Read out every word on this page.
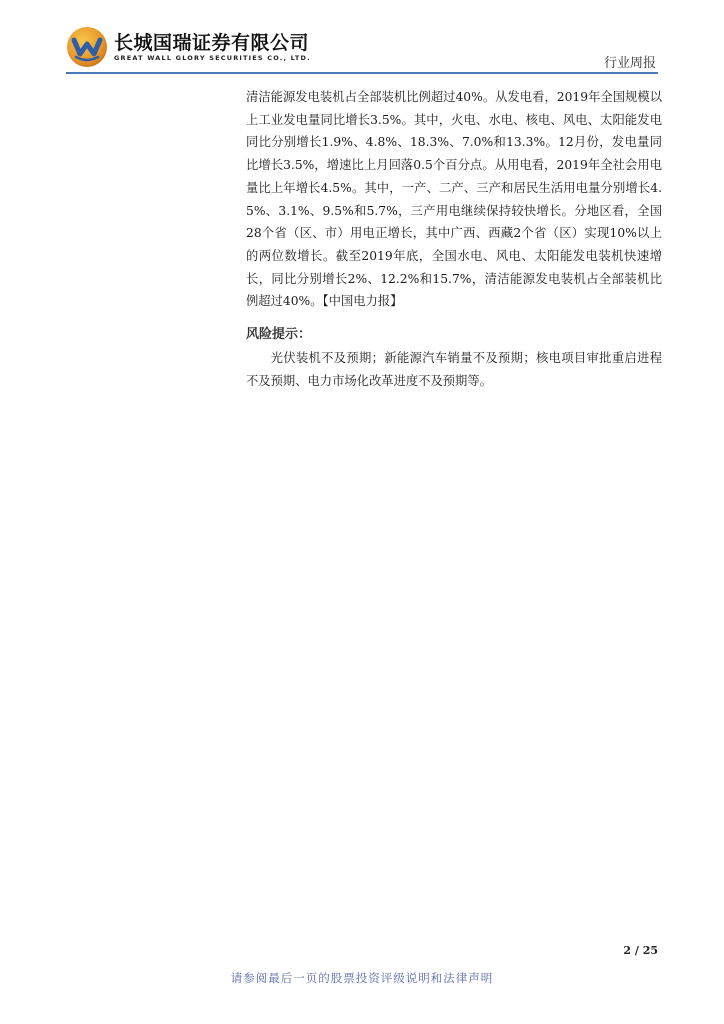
长城国瑞证券有限公司
GREAT WALL GLORY SECURITIES CO., LTD.	行业周报

清洁能源发电装机占全部装机比例超过40%。从发电看，2019年全国规模以上工业发电量同比增长3.5%。其中，火电、水电、核电、风电、太阳能发电同比分别增长1.9%、4.8%、18.3%、7.0%和13.3%。12月份，发电量同比增长3.5%，增速比上月回落0.5个百分点。从用电看，2019年全社会用电量比上年增长4.5%。其中，一产、二产、三产和居民生活用电量分别增长4.5%、3.1%、9.5%和5.7%，三产用电继续保持较快增长。分地区看，全国28个省（区、市）用电正增长，其中广西、西藏2个省（区）实现10%以上的两位数增长。截至2019年底，全国水电、风电、太阳能发电装机快速增长，同比分别增长2%、12.2%和15.7%，清洁能源发电装机占全部装机比例超过40%。【中国电力报】

风险提示：

光伏装机不及预期；新能源汽车销量不及预期；核电项目审批重启进程不及预期、电力市场化改革进度不及预期等。

2 / 25
请参阅最后一页的股票投资评级说明和法律声明
